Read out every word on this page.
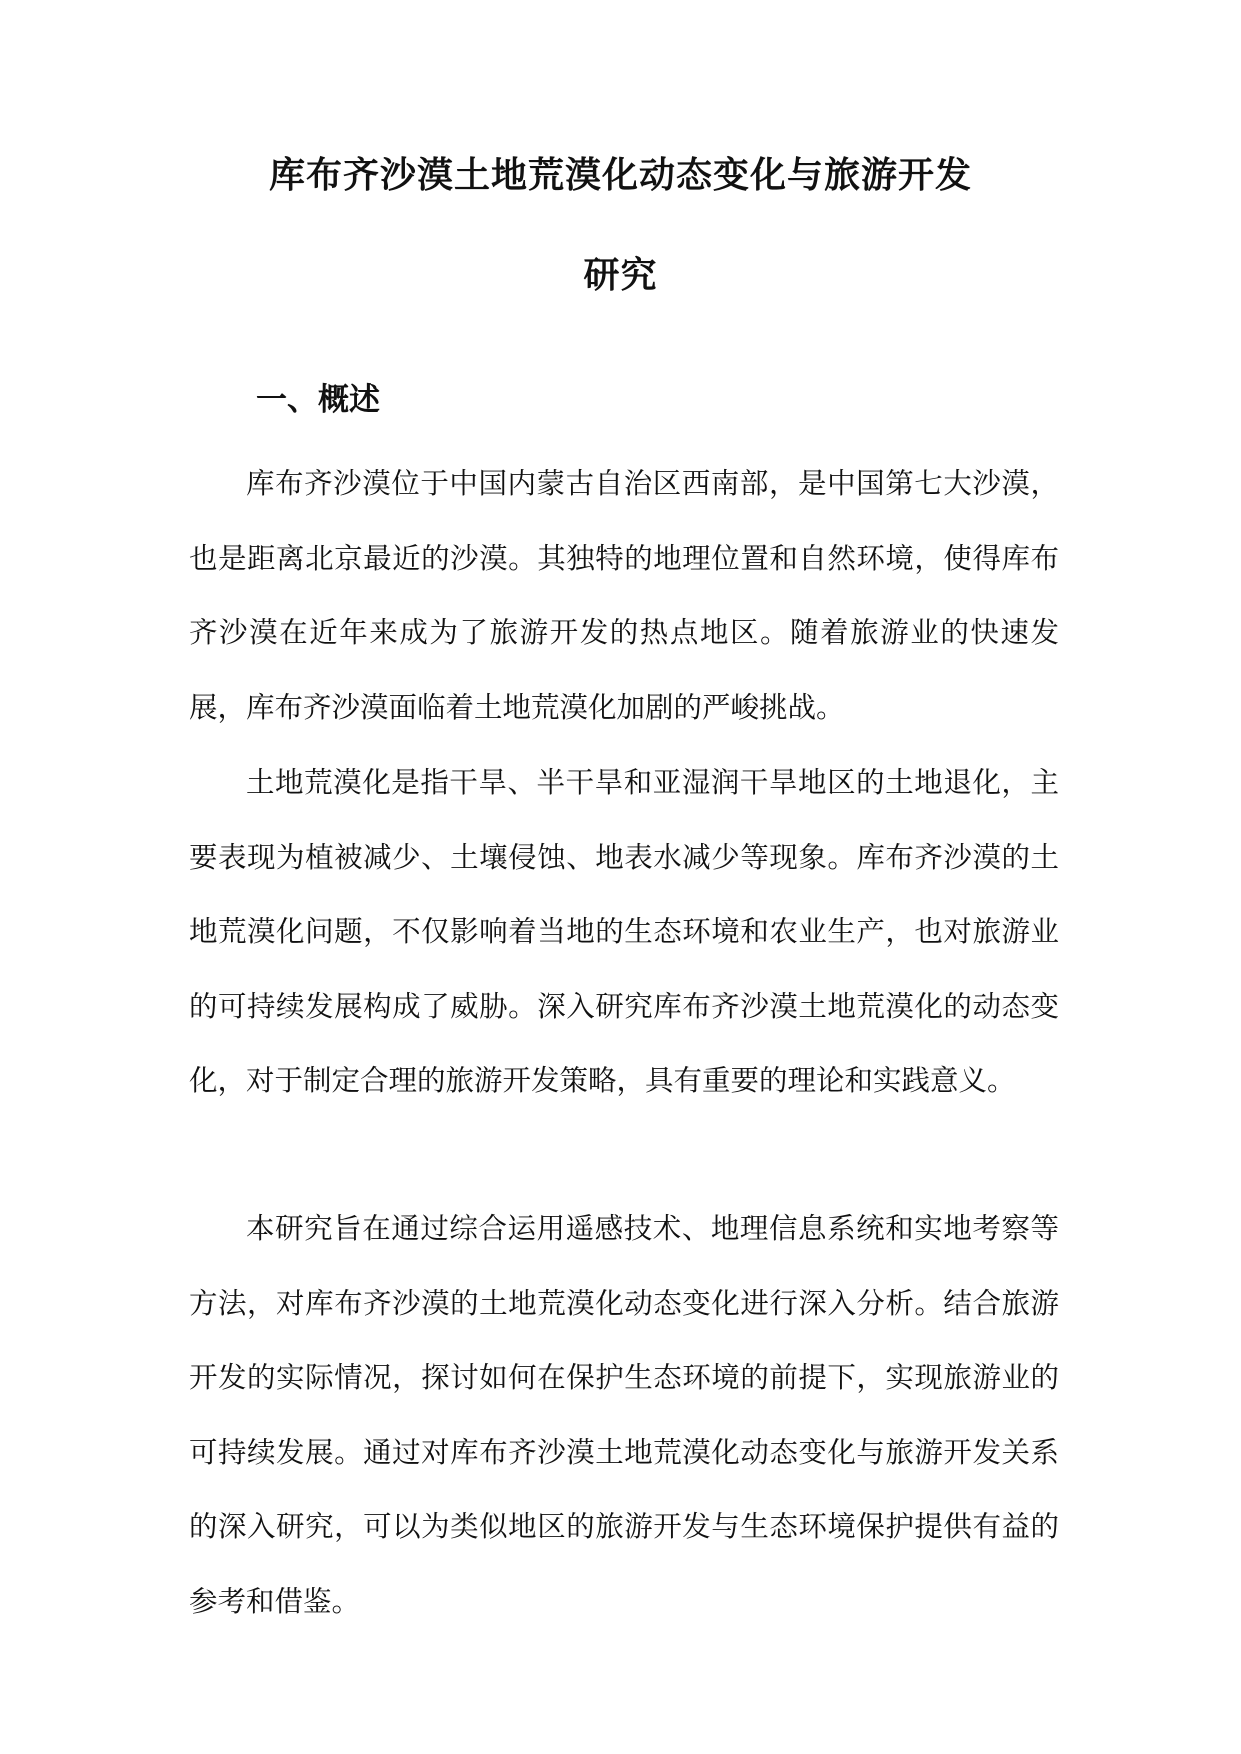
库布齐沙漠土地荒漠化动态变化与旅游开发
研究
一、概述

库布齐沙漠位于中国内蒙古自治区西南部，是中国第七大沙漠，也是距离北京最近的沙漠。其独特的地理位置和自然环境，使得库布齐沙漠在近年来成为了旅游开发的热点地区。随着旅游业的快速发展，库布齐沙漠面临着土地荒漠化加剧的严峻挑战。

土地荒漠化是指干旱、半干旱和亚湿润干旱地区的土地退化，主要表现为植被减少、土壤侵蚀、地表水减少等现象。库布齐沙漠的土地荒漠化问题，不仅影响着当地的生态环境和农业生产，也对旅游业的可持续发展构成了威胁。深入研究库布齐沙漠土地荒漠化的动态变化，对于制定合理的旅游开发策略，具有重要的理论和实践意义。

本研究旨在通过综合运用遥感技术、地理信息系统和实地考察等方法，对库布齐沙漠的土地荒漠化动态变化进行深入分析。结合旅游开发的实际情况，探讨如何在保护生态环境的前提下，实现旅游业的可持续发展。通过对库布齐沙漠土地荒漠化动态变化与旅游开发关系的深入研究，可以为类似地区的旅游开发与生态环境保护提供有益的参考和借鉴。
